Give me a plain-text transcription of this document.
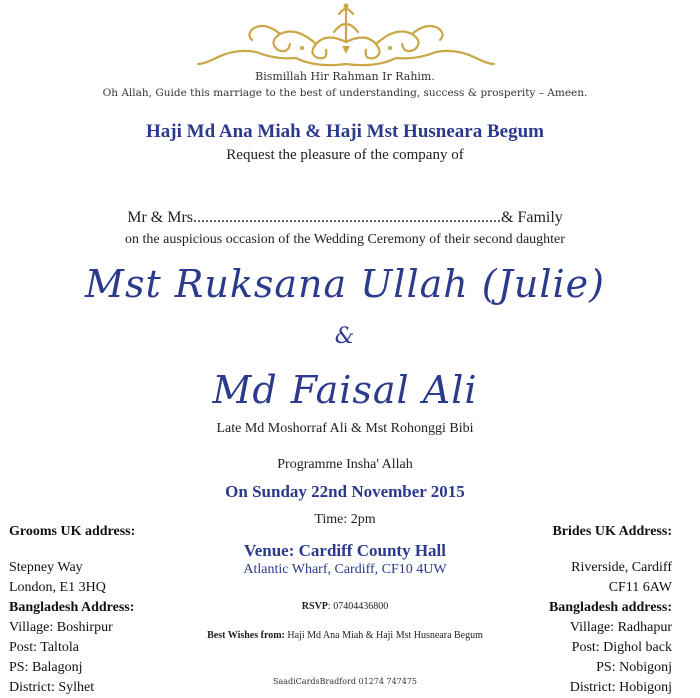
Bismillah Hir Rahman Ir Rahim.
Oh Allah, Guide this marriage to the best of understanding, success & prosperity – Ameen.
Haji Md Ana Miah & Haji Mst Husneara Begum
Request the pleasure of the company of
Mr & Mrs.............................................................................& Family
on the auspicious occasion of the Wedding Ceremony of their second daughter
Mst Ruksana Ullah (Julie)
&
Md Faisal Ali
Late Md Moshorraf Ali & Mst Rohonggi Bibi
Programme Insha' Allah
On Sunday 22nd November 2015
Time: 2pm
Venue: Cardiff County Hall
Atlantic Wharf, Cardiff, CF10 4UW
RSVP: 07404436800
Best Wishes from: Haji Md Ana Miah & Haji Mst Husneara Begum
SaadiCardsBradford 01274 747475
Grooms UK address:
Stepney Way
London, E1 3HQ
Bangladesh Address:
Village: Boshirpur
Post: Taltola
PS: Balagonj
District: Sylhet
Brides UK Address:
Riverside, Cardiff
CF11 6AW
Bangladesh address:
Village: Radhapur
Post: Dighol back
PS: Nobigonj
District: Hobigonj
